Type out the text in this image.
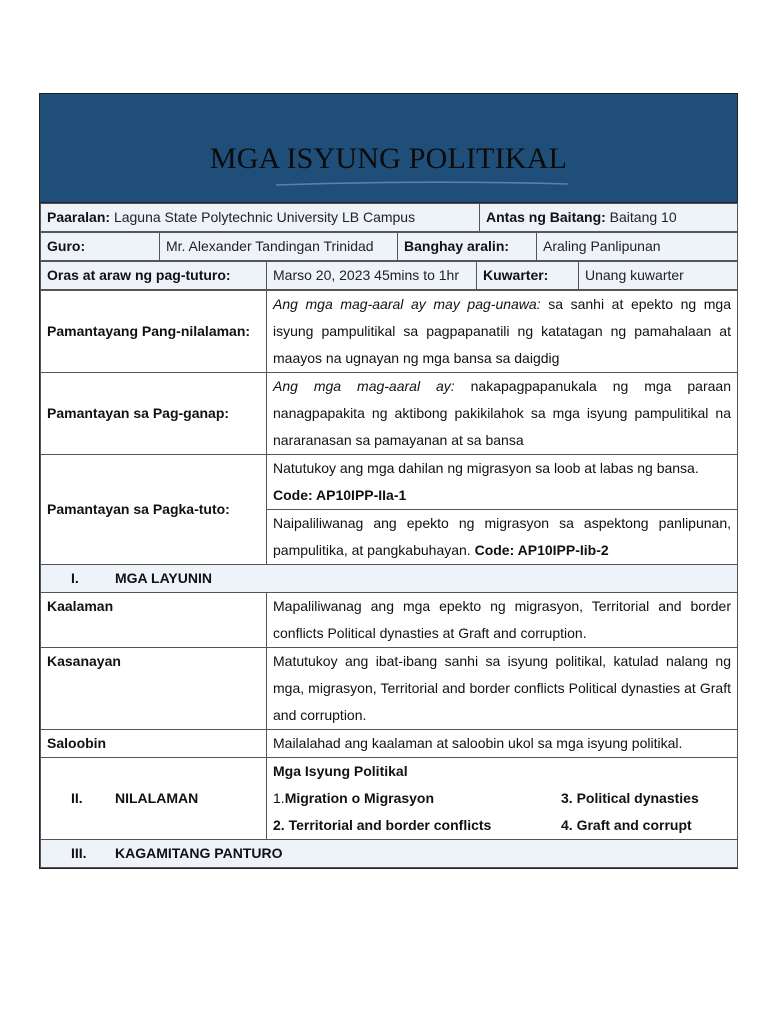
MGA ISYUNG POLITIKAL
Paaralan: Laguna State Polytechnic University LB Campus	Antas ng Baitang: Baitang 10
Guro:	Mr. Alexander Tandingan Trinidad	Banghay aralin:	Araling Panlipunan
Oras at araw ng pag-tuturo:	Marso 20, 2023 45mins to 1hr	Kuwarter:	Unang kuwarter
Pamantayang Pang-nilalaman:	Ang mga mag-aaral ay may pag-unawa: sa sanhi at epekto ng mga isyung pampulitikal sa pagpapanatili ng katatagan ng pamahalaan at maayos na ugnayan ng mga bansa sa daigdig
Pamantayan sa Pag-ganap:	Ang mga mag-aaral ay: nakapagpapanukala ng mga paraan nanagpapakita ng aktibong pakikilahok sa mga isyung pampulitikal na nararanasan sa pamayanan at sa bansa
Pamantayan sa Pagka-tuto:	Natutukoy ang mga dahilan ng migrasyon sa loob at labas ng bansa.
Code: AP10IPP-IIa-1
	Naipaliliwanag ang epekto ng migrasyon sa aspektong panlipunan, pampulitika, at pangkabuhayan. Code: AP10IPP-Iib-2
I. MGA LAYUNIN	
Kaalaman	Mapaliliwanag ang mga epekto ng migrasyon, Territorial and border conflicts Political dynasties at Graft and corruption.
Kasanayan	Matutukoy ang ibat-ibang sanhi sa isyung politikal, katulad nalang ng mga, migrasyon, Territorial and border conflicts Political dynasties at Graft and corruption.
Saloobin	Mailalahad ang kaalaman at saloobin ukol sa mga isyung politikal.
II. NILALAMAN	Mga Isyung Politikal
1.Migration o Migrasyon 3. Political dynasties
2. Territorial and border conflicts 4. Graft and corrupt

III. KAGAMITANG PANTURO	
